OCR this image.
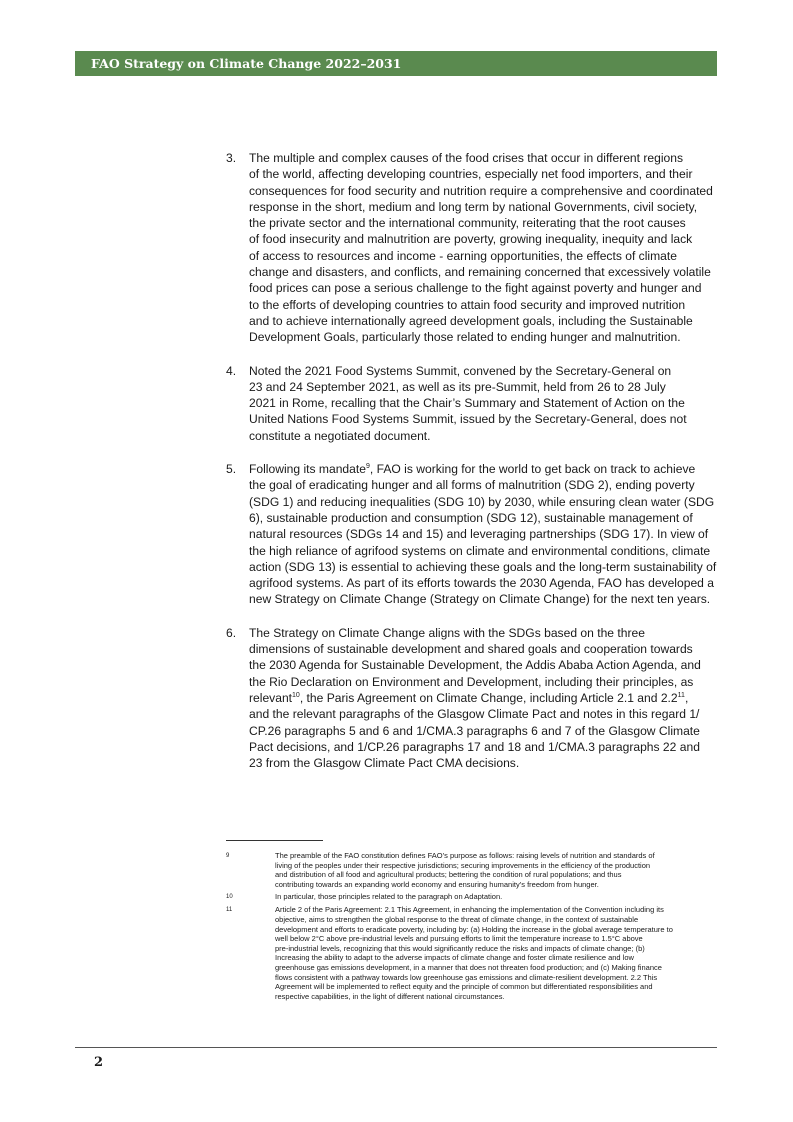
FAO Strategy on Climate Change 2022–2031
3.	The multiple and complex causes of the food crises that occur in different regions
of the world, affecting developing countries, especially net food importers, and their
consequences for food security and nutrition require a comprehensive and coordinated
response in the short, medium and long term by national Governments, civil society,
the private sector and the international community, reiterating that the root causes
of food insecurity and malnutrition are poverty, growing inequality, inequity and lack
of access to resources and income - earning opportunities, the effects of climate
change and disasters, and conflicts, and remaining concerned that excessively volatile
food prices can pose a serious challenge to the fight against poverty and hunger and
to the efforts of developing countries to attain food security and improved nutrition
and to achieve internationally agreed development goals, including the Sustainable
Development Goals, particularly those related to ending hunger and malnutrition.
4.	Noted the 2021 Food Systems Summit, convened by the Secretary-General on
23 and 24 September 2021, as well as its pre-Summit, held from 26 to 28 July
2021 in Rome, recalling that the Chair’s Summary and Statement of Action on the
United Nations Food Systems Summit, issued by the Secretary-General, does not
constitute a negotiated document.
5.	Following its mandate$^9$, FAO is working for the world to get back on track to achieve
the goal of eradicating hunger and all forms of malnutrition (SDG 2), ending poverty
(SDG 1) and reducing inequalities (SDG 10) by 2030, while ensuring clean water (SDG
6), sustainable production and consumption (SDG 12), sustainable management of
natural resources (SDGs 14 and 15) and leveraging partnerships (SDG 17). In view of
the high reliance of agrifood systems on climate and environmental conditions, climate
action (SDG 13) is essential to achieving these goals and the long-term sustainability of
agrifood systems. As part of its efforts towards the 2030 Agenda, FAO has developed a
new Strategy on Climate Change (Strategy on Climate Change) for the next ten years.
6.	The Strategy on Climate Change aligns with the SDGs based on the three
dimensions of sustainable development and shared goals and cooperation towards
the 2030 Agenda for Sustainable Development, the Addis Ababa Action Agenda, and
the Rio Declaration on Environment and Development, including their principles, as
relevant$^{10}$, the Paris Agreement on Climate Change, including Article 2.1 and $2.2^{11}$,
and the relevant paragraphs of the Glasgow Climate Pact and notes in this regard 1/
CP.26 paragraphs 5 and 6 and 1/CMA.3 paragraphs 6 and 7 of the Glasgow Climate
Pact decisions, and 1/CP.26 paragraphs 17 and 18 and 1/CMA.3 paragraphs 22 and
23 from the Glasgow Climate Pact CMA decisions.
9	The preamble of the FAO constitution defines FAO’s purpose as follows: raising levels of nutrition and standards of
living of the peoples under their respective jurisdictions; securing improvements in the efficiency of the production
and distribution of all food and agricultural products; bettering the condition of rural populations; and thus
contributing towards an expanding world economy and ensuring humanity’s freedom from hunger.
10	In particular, those principles related to the paragraph on Adaptation.
11	Article 2 of the Paris Agreement: 2.1 This Agreement, in enhancing the implementation of the Convention including its
objective, aims to strengthen the global response to the threat of climate change, in the context of sustainable
development and efforts to eradicate poverty, including by: (a) Holding the increase in the global average temperature to
well below 2°C above pre-industrial levels and pursuing efforts to limit the temperature increase to 1.5°C above
pre-industrial levels, recognizing that this would significantly reduce the risks and impacts of climate change; (b)
Increasing the ability to adapt to the adverse impacts of climate change and foster climate resilience and low
greenhouse gas emissions development, in a manner that does not threaten food production; and (c) Making finance
flows consistent with a pathway towards low greenhouse gas emissions and climate-resilient development. 2.2 This
Agreement will be implemented to reflect equity and the principle of common but differentiated responsibilities and
respective capabilities, in the light of different national circumstances.
2
